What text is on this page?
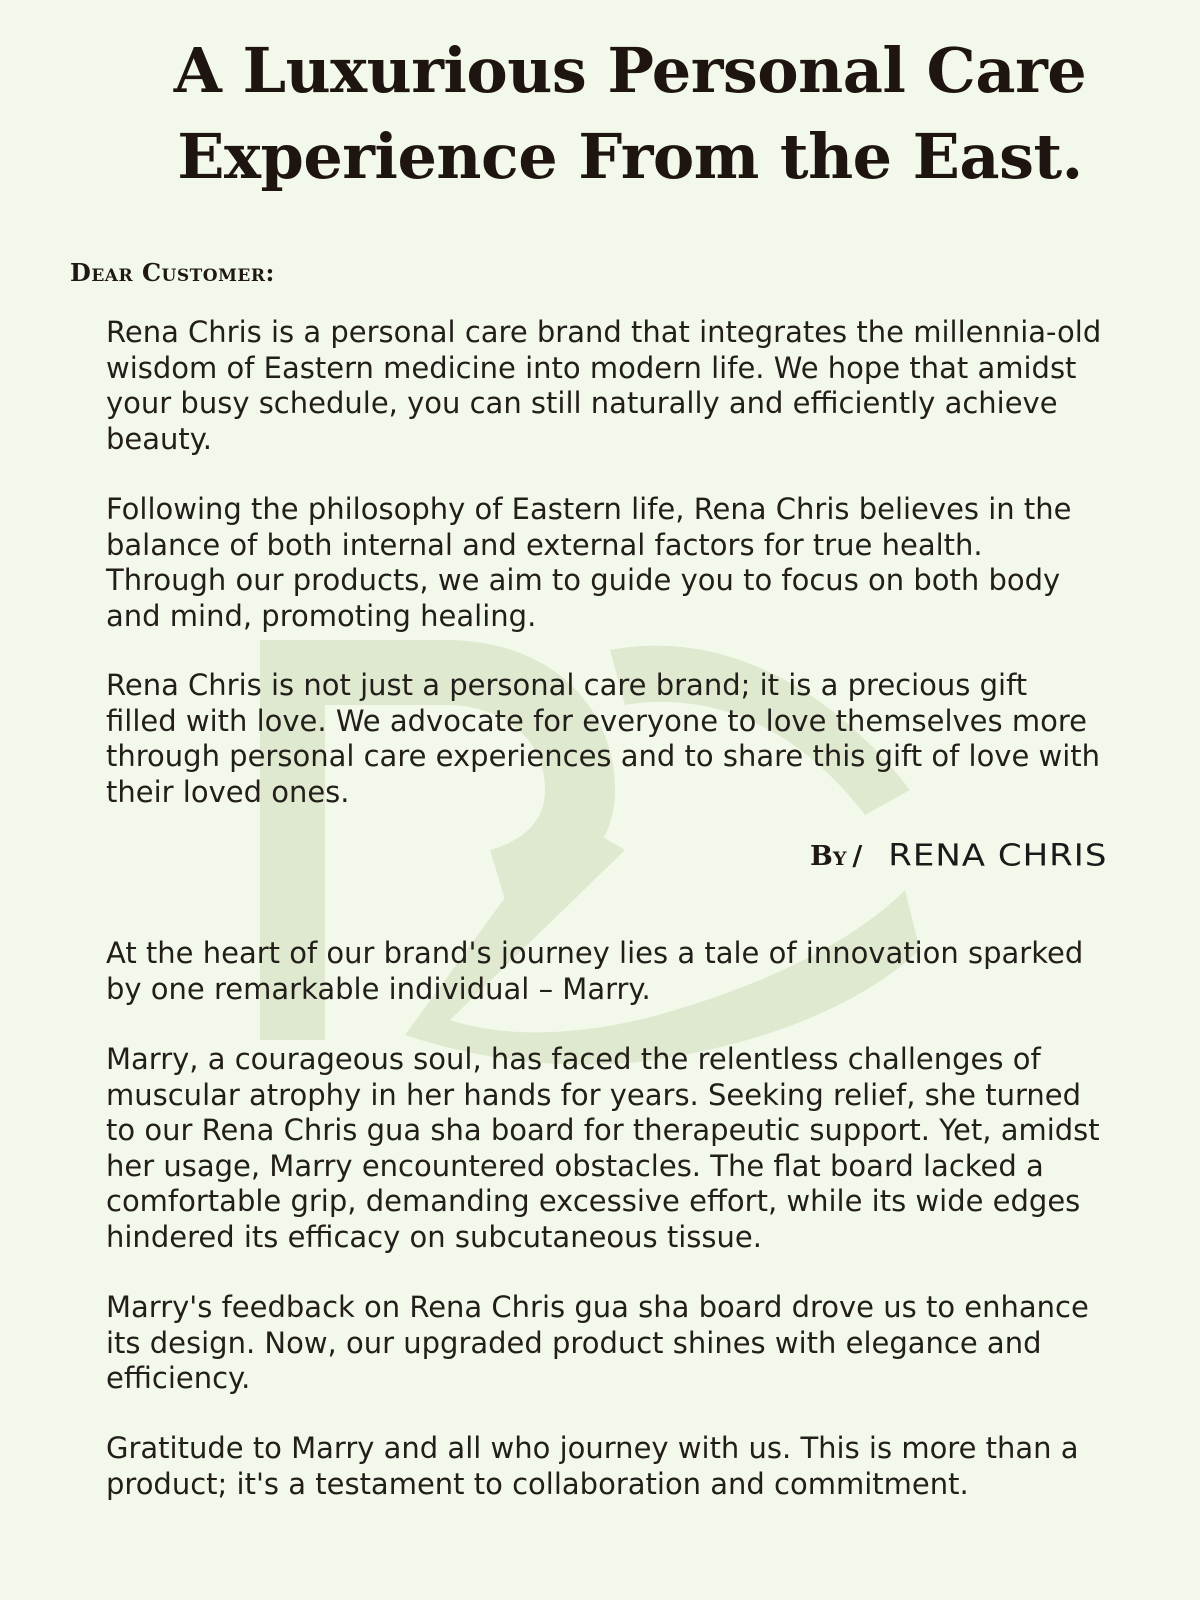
A Luxurious Personal Care
Experience From the East.

Dear Customer:

Rena Chris is a personal care brand that integrates the millennia-old wisdom of Eastern medicine into modern life. We hope that amidst your busy schedule, you can still naturally and efficiently achieve beauty.

Following the philosophy of Eastern life, Rena Chris believes in the balance of both internal and external factors for true health. Through our products, we aim to guide you to focus on both body and mind, promoting healing.

Rena Chris is not just a personal care brand; it is a precious gift filled with love. We advocate for everyone to love themselves more through personal care experiences and to share this gift of love with their loved ones.

By / RENA CHRIS

At the heart of our brand's journey lies a tale of innovation sparked by one remarkable individual – Marry.

Marry, a courageous soul, has faced the relentless challenges of muscular atrophy in her hands for years. Seeking relief, she turned to our Rena Chris gua sha board for therapeutic support. Yet, amidst her usage, Marry encountered obstacles. The flat board lacked a comfortable grip, demanding excessive effort, while its wide edges hindered its efficacy on subcutaneous tissue.

Marry's feedback on Rena Chris gua sha board drove us to enhance its design. Now, our upgraded product shines with elegance and efficiency.

Gratitude to Marry and all who journey with us. This is more than a product; it's a testament to collaboration and commitment.
